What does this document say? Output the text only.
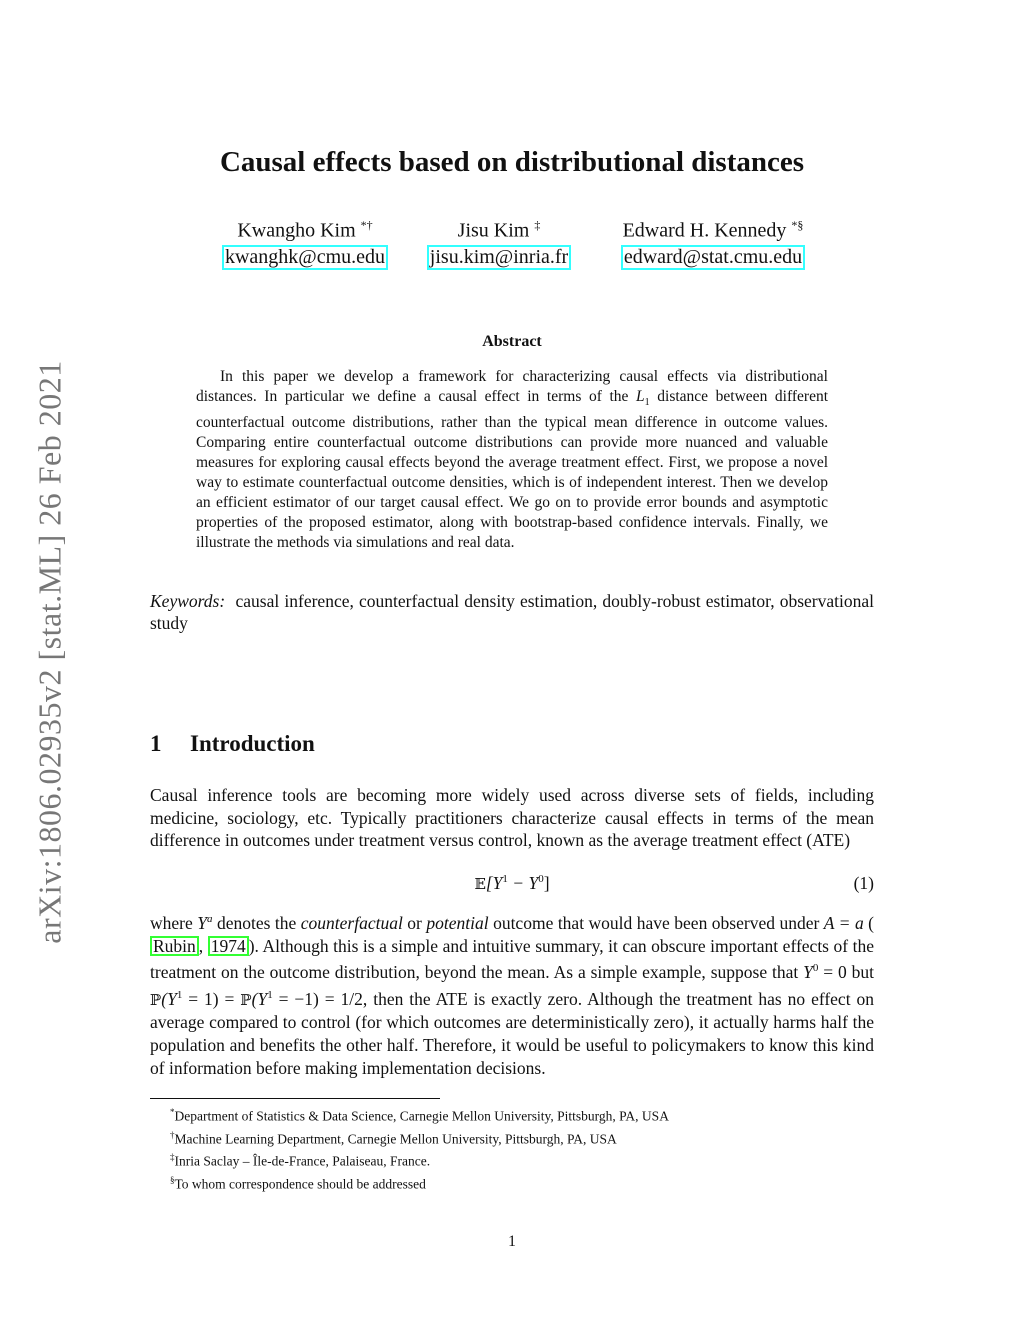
arXiv:1806.02935v2 [stat.ML] 26 Feb 2021
Causal effects based on distributional distances
Kwangho Kim *†
kwanghk@cmu.edu
Jisu Kim ‡
jisu.kim@inria.fr
Edward H. Kennedy *§
edward@stat.cmu.edu
Abstract
In this paper we develop a framework for characterizing causal effects via distributional distances. In particular we define a causal effect in terms of the $L_1$ distance between different counterfactual outcome distributions, rather than the typical mean difference in outcome values. Comparing entire counterfactual outcome distributions can provide more nuanced and valuable measures for exploring causal effects beyond the average treatment effect. First, we propose a novel way to estimate counterfactual outcome densities, which is of independent interest. Then we develop an efficient estimator of our target causal effect. We go on to provide error bounds and asymptotic properties of the proposed estimator, along with bootstrap-based confidence intervals. Finally, we illustrate the methods via simulations and real data.
Keywords: causal inference, counterfactual density estimation, doubly-robust estimator, observational study
1 Introduction
Causal inference tools are becoming more widely used across diverse sets of fields, including medicine, sociology, etc. Typically practitioners characterize causal effects in terms of the mean difference in outcomes under treatment versus control, known as the average treatment effect (ATE)
$𝔼[Y^1 - Y^0]$	(1)
where $Y^a$ denotes the counterfactual or potential outcome that would have been observed under A = a (Rubin , 1974 ). Although this is a simple and intuitive summary, it can obscure important effects of the treatment on the outcome distribution, beyond the mean. As a simple example, suppose that $Y^0 = 0$ but $ℙ(Y^1 = 1)$ = $ℙ(Y^1 = -1) = 1/2$, then the ATE is exactly zero. Although the treatment has no effect on average compared to control (for which outcomes are deterministically zero), it actually harms half the population and benefits the other half. Therefore, it would be useful to policymakers to know this kind of information before making implementation decisions.
*Department of Statistics & Data Science, Carnegie Mellon University, Pittsburgh, PA, USA
†Machine Learning Department, Carnegie Mellon University, Pittsburgh, PA, USA
‡Inria Saclay – Île-de-France, Palaiseau, France.
§To whom correspondence should be addressed
1
